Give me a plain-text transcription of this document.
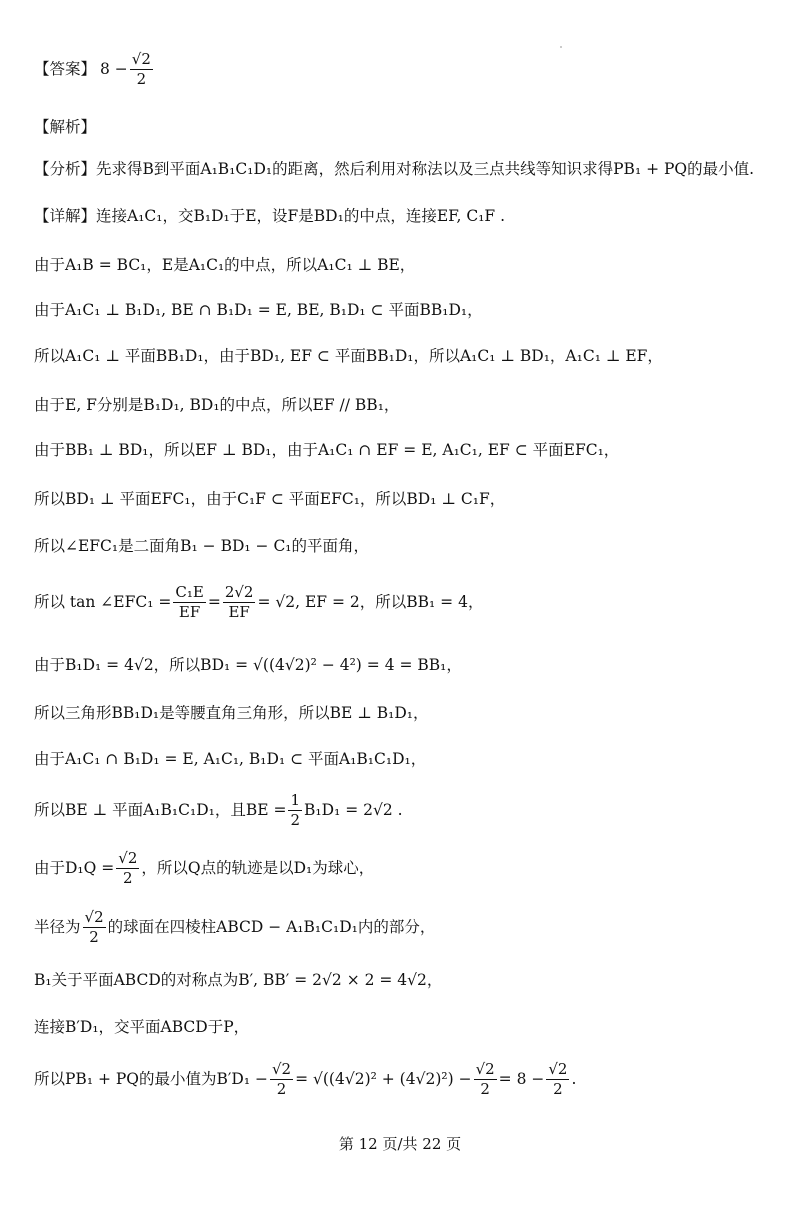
【答案】 $8 - \frac{√2}{2}$
【解析】
【分析】先求得B到平面A₁B₁C₁D₁的距离，然后利用对称法以及三点共线等知识求得PB₁ + PQ的最小值.
【详解】连接A₁C₁，交B₁D₁于E，设F是BD₁的中点，连接EF, C₁F .
由于A₁B = BC₁，E是A₁C₁的中点，所以A₁C₁ ⊥ BE，
由于A₁C₁ ⊥ B₁D₁, BE ∩ B₁D₁ = E, BE, B₁D₁ ⊂ 平面BB₁D₁，
所以A₁C₁ ⊥ 平面BB₁D₁，由于BD₁, EF ⊂ 平面BB₁D₁，所以A₁C₁ ⊥ BD₁，A₁C₁ ⊥ EF，
由于E, F分别是B₁D₁, BD₁的中点，所以EF // BB₁，
由于BB₁ ⊥ BD₁，所以EF ⊥ BD₁，由于A₁C₁ ∩ EF = E, A₁C₁, EF ⊂ 平面EFC₁，
所以BD₁ ⊥ 平面EFC₁，由于C₁F ⊂ 平面EFC₁，所以BD₁ ⊥ C₁F，
所以∠EFC₁是二面角B₁ − BD₁ − C₁的平面角，
所以 tan ∠EFC₁ = $\frac{\text{C₁E}}{EF} = \frac{2√2}{EF} = √2$, EF = 2，所以BB₁ = 4，
由于B₁D₁ = 4√2，所以BD₁ = √((4√2)² − 4²) = 4 = BB₁，
所以三角形BB₁D₁是等腰直角三角形，所以BE ⊥ B₁D₁，
由于A₁C₁ ∩ B₁D₁ = E, A₁C₁, B₁D₁ ⊂ 平面A₁B₁C₁D₁，
所以BE ⊥ 平面A₁B₁C₁D₁，且BE = $\frac{1}{2} B_1D_1 = 2√2$ .
由于$D_1Q = \frac{√2}{2}$ ，所以Q点的轨迹是以D₁为球心，
半径为 $\frac{√2}{2}$ 的球面在四棱柱ABCD − A₁B₁C₁D₁内的部分，
B₁关于平面ABCD的对称点为B′, BB′ = 2√2 × 2 = 4√2，
连接B′D₁，交平面ABCD于P，
所以PB₁ + PQ的最小值为$B'D_1 - \frac{√2}{2} = √((4√2)^2 + (4√2)^2) - \frac{√2}{2} = 8 - \frac{√2}{2}$ .
第 12 页/共 22 页
